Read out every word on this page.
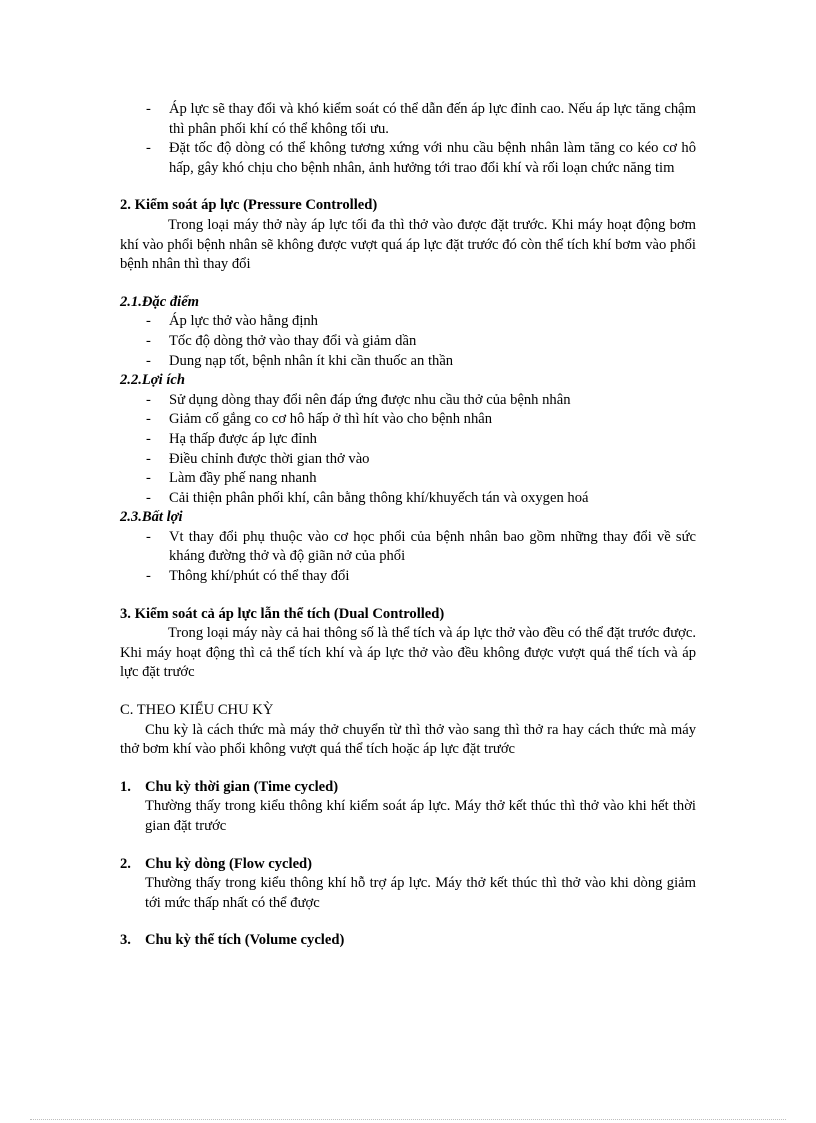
- Áp lực sẽ thay đổi và khó kiểm soát có thể dẫn đến áp lực đỉnh cao. Nếu áp lực tăng chậm thì phân phối khí có thể không tối ưu.
- Đặt tốc độ dòng có thể không tương xứng với nhu cầu bệnh nhân làm tăng co kéo cơ hô hấp, gây khó chịu cho bệnh nhân, ảnh hưởng tới trao đổi khí và rối loạn chức năng tim
2. Kiểm soát áp lực (Pressure Controlled)
Trong loại máy thở này áp lực tối đa thì thở vào được đặt trước. Khi máy hoạt động bơm khí vào phổi bệnh nhân sẽ không được vượt quá áp lực đặt trước đó còn thể tích khí bơm vào phổi bệnh nhân thì thay đổi
2.1.Đặc điểm
- Áp lực thở vào hằng định
- Tốc độ dòng thở vào thay đổi và giảm dần
- Dung nạp tốt, bệnh nhân ít khi cần thuốc an thần
2.2.Lợi ích
- Sử dụng dòng thay đổi nên đáp ứng được nhu cầu thở của bệnh nhân
- Giảm cố gắng co cơ hô hấp ở thì hít vào cho bệnh nhân
- Hạ thấp được áp lực đỉnh
- Điều chỉnh được thời gian thở vào
- Làm đầy phế nang nhanh
- Cải thiện phân phối khí, cân bằng thông khí/khuyếch tán và oxygen hoá
2.3.Bất lợi
- Vt thay đổi phụ thuộc vào cơ học phổi của bệnh nhân bao gồm những thay đổi về sức kháng đường thở và độ giãn nở của phổi
- Thông khí/phút có thể thay đổi
3. Kiểm soát cả áp lực lẫn thể tích (Dual Controlled)
Trong loại máy này cả hai thông số là thể tích và áp lực thở vào đều có thể đặt trước được. Khi máy hoạt động thì cả thể tích khí và áp lực thở vào đều không được vượt quá thể tích và áp lực đặt trước
C. THEO KIỂU CHU KỲ
Chu kỳ là cách thức mà máy thở chuyển từ thì thở vào sang thì thở ra hay cách thức mà máy thở bơm khí vào phổi không vượt quá thể tích hoặc áp lực đặt trước
1. Chu kỳ thời gian (Time cycled)
Thường thấy trong kiểu thông khí kiểm soát áp lực. Máy thở kết thúc thì thở vào khi hết thời gian đặt trước
2. Chu kỳ dòng (Flow cycled)
Thường thấy trong kiểu thông khí hỗ trợ áp lực. Máy thở kết thúc thì thở vào khi dòng giảm tới mức thấp nhất có thể được
3. Chu kỳ thể tích (Volume cycled)
